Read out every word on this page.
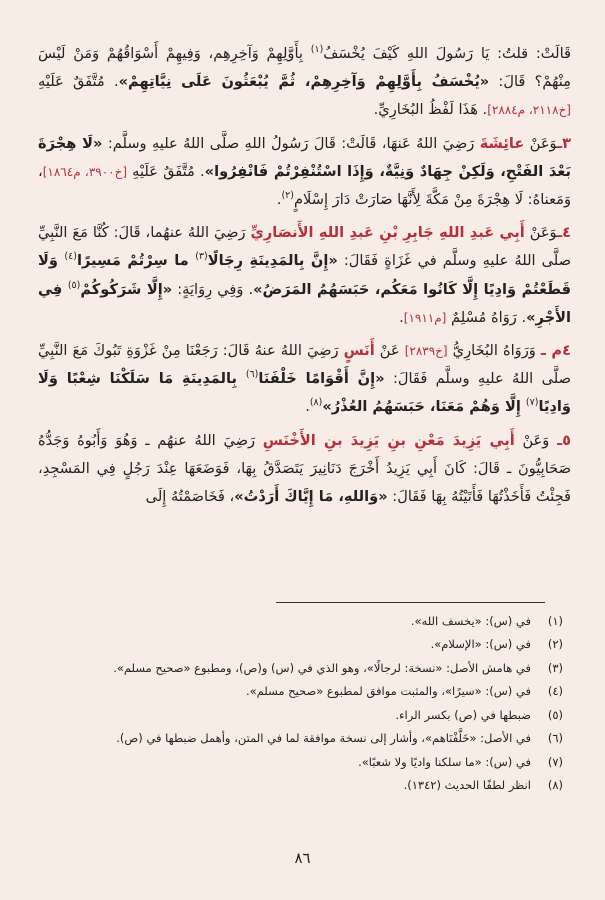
قَالَتْ: قلتُ: يَا رَسُولَ اللهِ كَيْفَ يُخْسَفُ$^{(١)}$ بِأَوَّلِهِمْ وَآخِرِهِم، وَفِيهِمْ أَسْوَاقُهُمْ وَمَنْ لَيْسَ مِنْهُمْ؟ قَالَ: «يُخْسَفُ بِأَوَّلِهِمْ وَآخِرِهِمْ، ثُمَّ يُبْعَثُونَ عَلَى نِيَّاتِهِمْ». مُتَّفَقٌ عَلَيْهِ [خ٢١١٨، م٢٨٨٤]. هَذَا لَفْظُ البُخَارِيِّ.

٣ـوَعَنْ عائِشَةَ رَضِيَ اللهُ عَنهَا، قَالَتْ: قَالَ رَسُولُ اللهِ صلَّى اللهُ عليهِ وسلَّم: «لَا هِجْرَةَ بَعْدَ الفَتْحِ، وَلَكِنْ جِهَادٌ وَنِيَّةٌ، وَإِذَا اسْتُنْفِرْتُمْ فَانْفِرُوا». مُتَّفَقٌ عَلَيْهِ [خ٣٩٠٠، م١٨٦٤]، وَمَعناهُ: لَا هِجْرَةَ مِنْ مَكَّةَ لِأَنَّهَا صَارَتْ دَارَ إِسْلَامٍ$^{(٢)}$.

٤ـوَعَنْ أَبِي عَبدِ اللهِ جَابِرِ بْنِ عَبدِ اللهِ الأَنصَارِيِّ رَضِيَ اللهُ عنهُما، قَالَ: كُنَّا مَعَ النَّبِيِّ صلَّى اللهُ عليهِ وسلَّم في غَزَاةٍ فَقَالَ: «إِنَّ بِالمَدِينَةِ رِجَالًا$^{(٣)}$ ما سِرْتُمْ مَسِيرًا$^{(٤)}$ وَلَا قَطَعْتُمْ وَادِيًا إِلَّا كَانُوا مَعَكُم، حَبَسَهُمُ المَرَضُ». وَفِي رِوَايَةٍ: «إِلَّا شَرَكُوكُمْ$^{(٥)}$ فِي الأَجْرِ». رَوَاهُ مُسْلِمٌ [م١٩١١].

٤م ـ وَرَوَاهُ البُخَارِيُّ [خ٢٨٣٩] عَنْ أَنَسٍ رَضِيَ اللهُ عنهُ قَالَ: رَجَعْنَا مِنْ غَزْوَةِ تَبُوكَ مَعَ النَّبِيِّ صلَّى اللهُ عليهِ وسلَّم فَقَالَ: «إِنَّ أَقْوَامًا خَلْفَنَا$^{(٦)}$ بِالمَدِينَةِ مَا سَلَكْنَا شِعْبًا وَلَا وَادِيًا$^{(٧)}$ إِلَّا وَهُمْ مَعَنَا، حَبَسَهُمُ العُذْرُ»$^{(٨)}$.

٥ـ وَعَنْ أَبِي يَزِيدَ مَعْنِ بنِ يَزِيدَ بنِ الأَخْنَسِ رَضِيَ اللهُ عنهُم ـ وَهُوَ وَأَبُوهُ وَجَدُّهُ صَحَابِيُّونَ ـ قَالَ: كَانَ أَبِي يَزِيدُ أَخْرَجَ دَنَانِيرَ يَتَصَدَّقُ بِهَا، فَوَضَعَهَا عِنْدَ رَجُلٍ فِي المَسْجِدِ، فَجِئْتُ فَأَخَذْتُهَا فَأَتَيْتُهُ بِهَا فَقَالَ: «وَاللهِ، مَا إِيَّاكَ أَرَدْتُ»، فَخَاصَمْتُهُ إِلَى

(١)
في (س): «يخسف الله».
(٢)
في (س): «الإسلام».
(٣)
في هامش الأصل: «نسخة: لرجالًا»، وهو الذي في (س) و(ص)، ومطبوع «صحيح مسلم».
(٤)
في (س): «سيرًا»، والمثبت موافق لمطبوع «صحيح مسلم».
(٥)
ضبطها في (ص) بكسر الراء.
(٦)
في الأصل: «خَلَّفْنَاهم»، وأشار إلى نسخة موافقة لما في المتن، وأهمل ضبطها في (ص).
(٧)
في (س): «ما سلكنا واديًا ولا شعبًا».
(٨)
انظر لطفًا الحديث (١٣٤٢).
٨٦
